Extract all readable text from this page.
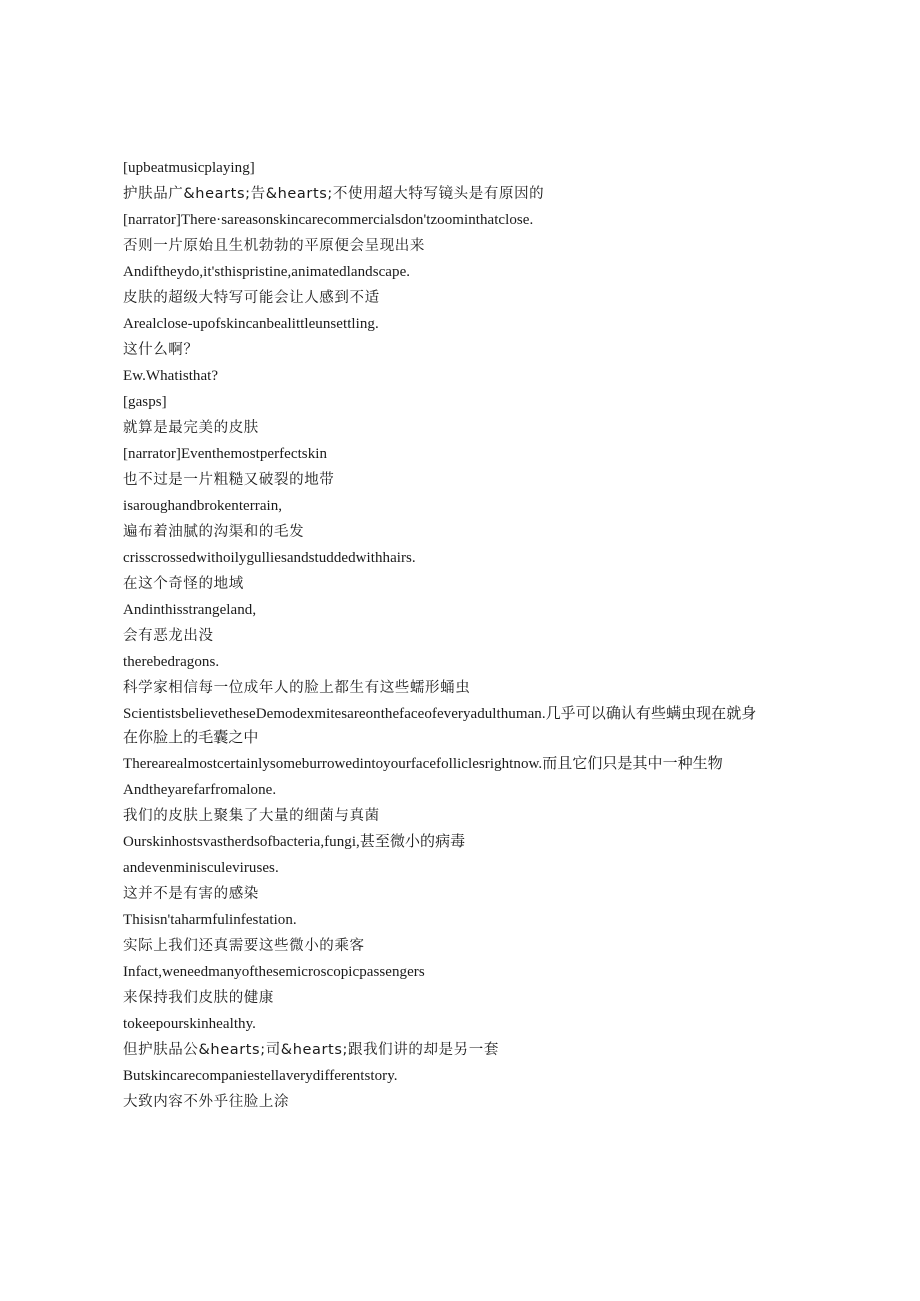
[upbeatmusicplaying]
护肤品广&hearts;告&hearts;不使用超大特写镜头是有原因的
[narrator]There·sareasonskincarecommercialsdon'tzoominthatclose.
否则一片原始且生机勃勃的平原便会呈现出来
Andiftheydo,it'sthispristine,animatedlandscape.
皮肤的超级大特写可能会让人感到不适
Arealclose-upofskincanbealittleunsettling.
这什么啊？
Ew.Whatisthat?
[gasps]
就算是最完美的皮肤
[narrator]Eventhemostperfectskin
也不过是一片粗糙又破裂的地带
isaroughandbrokenterrain,
遍布着油腻的沟渠和的毛发
crisscrossedwithoilygulliesandstuddedwithhairs.
在这个奇怪的地域
Andinthisstrangeland,
会有恶龙出没
therebedragons.
科学家相信每一位成年人的脸上都生有这些蠕形蛹虫
ScientistsbelievetheseDemodexmitesareonthefaceofeveryadulthuman.几乎可以确认有些螨虫现在就身在你脸上的毛囊之中
Therearealmostcertainlysomeburrowedintoyourfacefolliclesrightnow.而且它们只是其中一种生物
Andtheyarefarfromalone.
我们的皮肤上聚集了大量的细菌与真菌
Ourskinhostsvastherdsofbacteria,fungi,甚至微小的病毒
andevenminisculeviruses.
这并不是有害的感染
Thisisn'taharmfulinfestation.
实际上我们还真需要这些微小的乘客
Infact,weneedmanyofthesemicroscopicpassengers
来保持我们皮肤的健康
tokeepourskinhealthy.
但护肤品公&hearts;司&hearts;跟我们讲的却是另一套
Butskincarecompaniestellaverydifferentstory.
大致内容不外乎往脸上涂
